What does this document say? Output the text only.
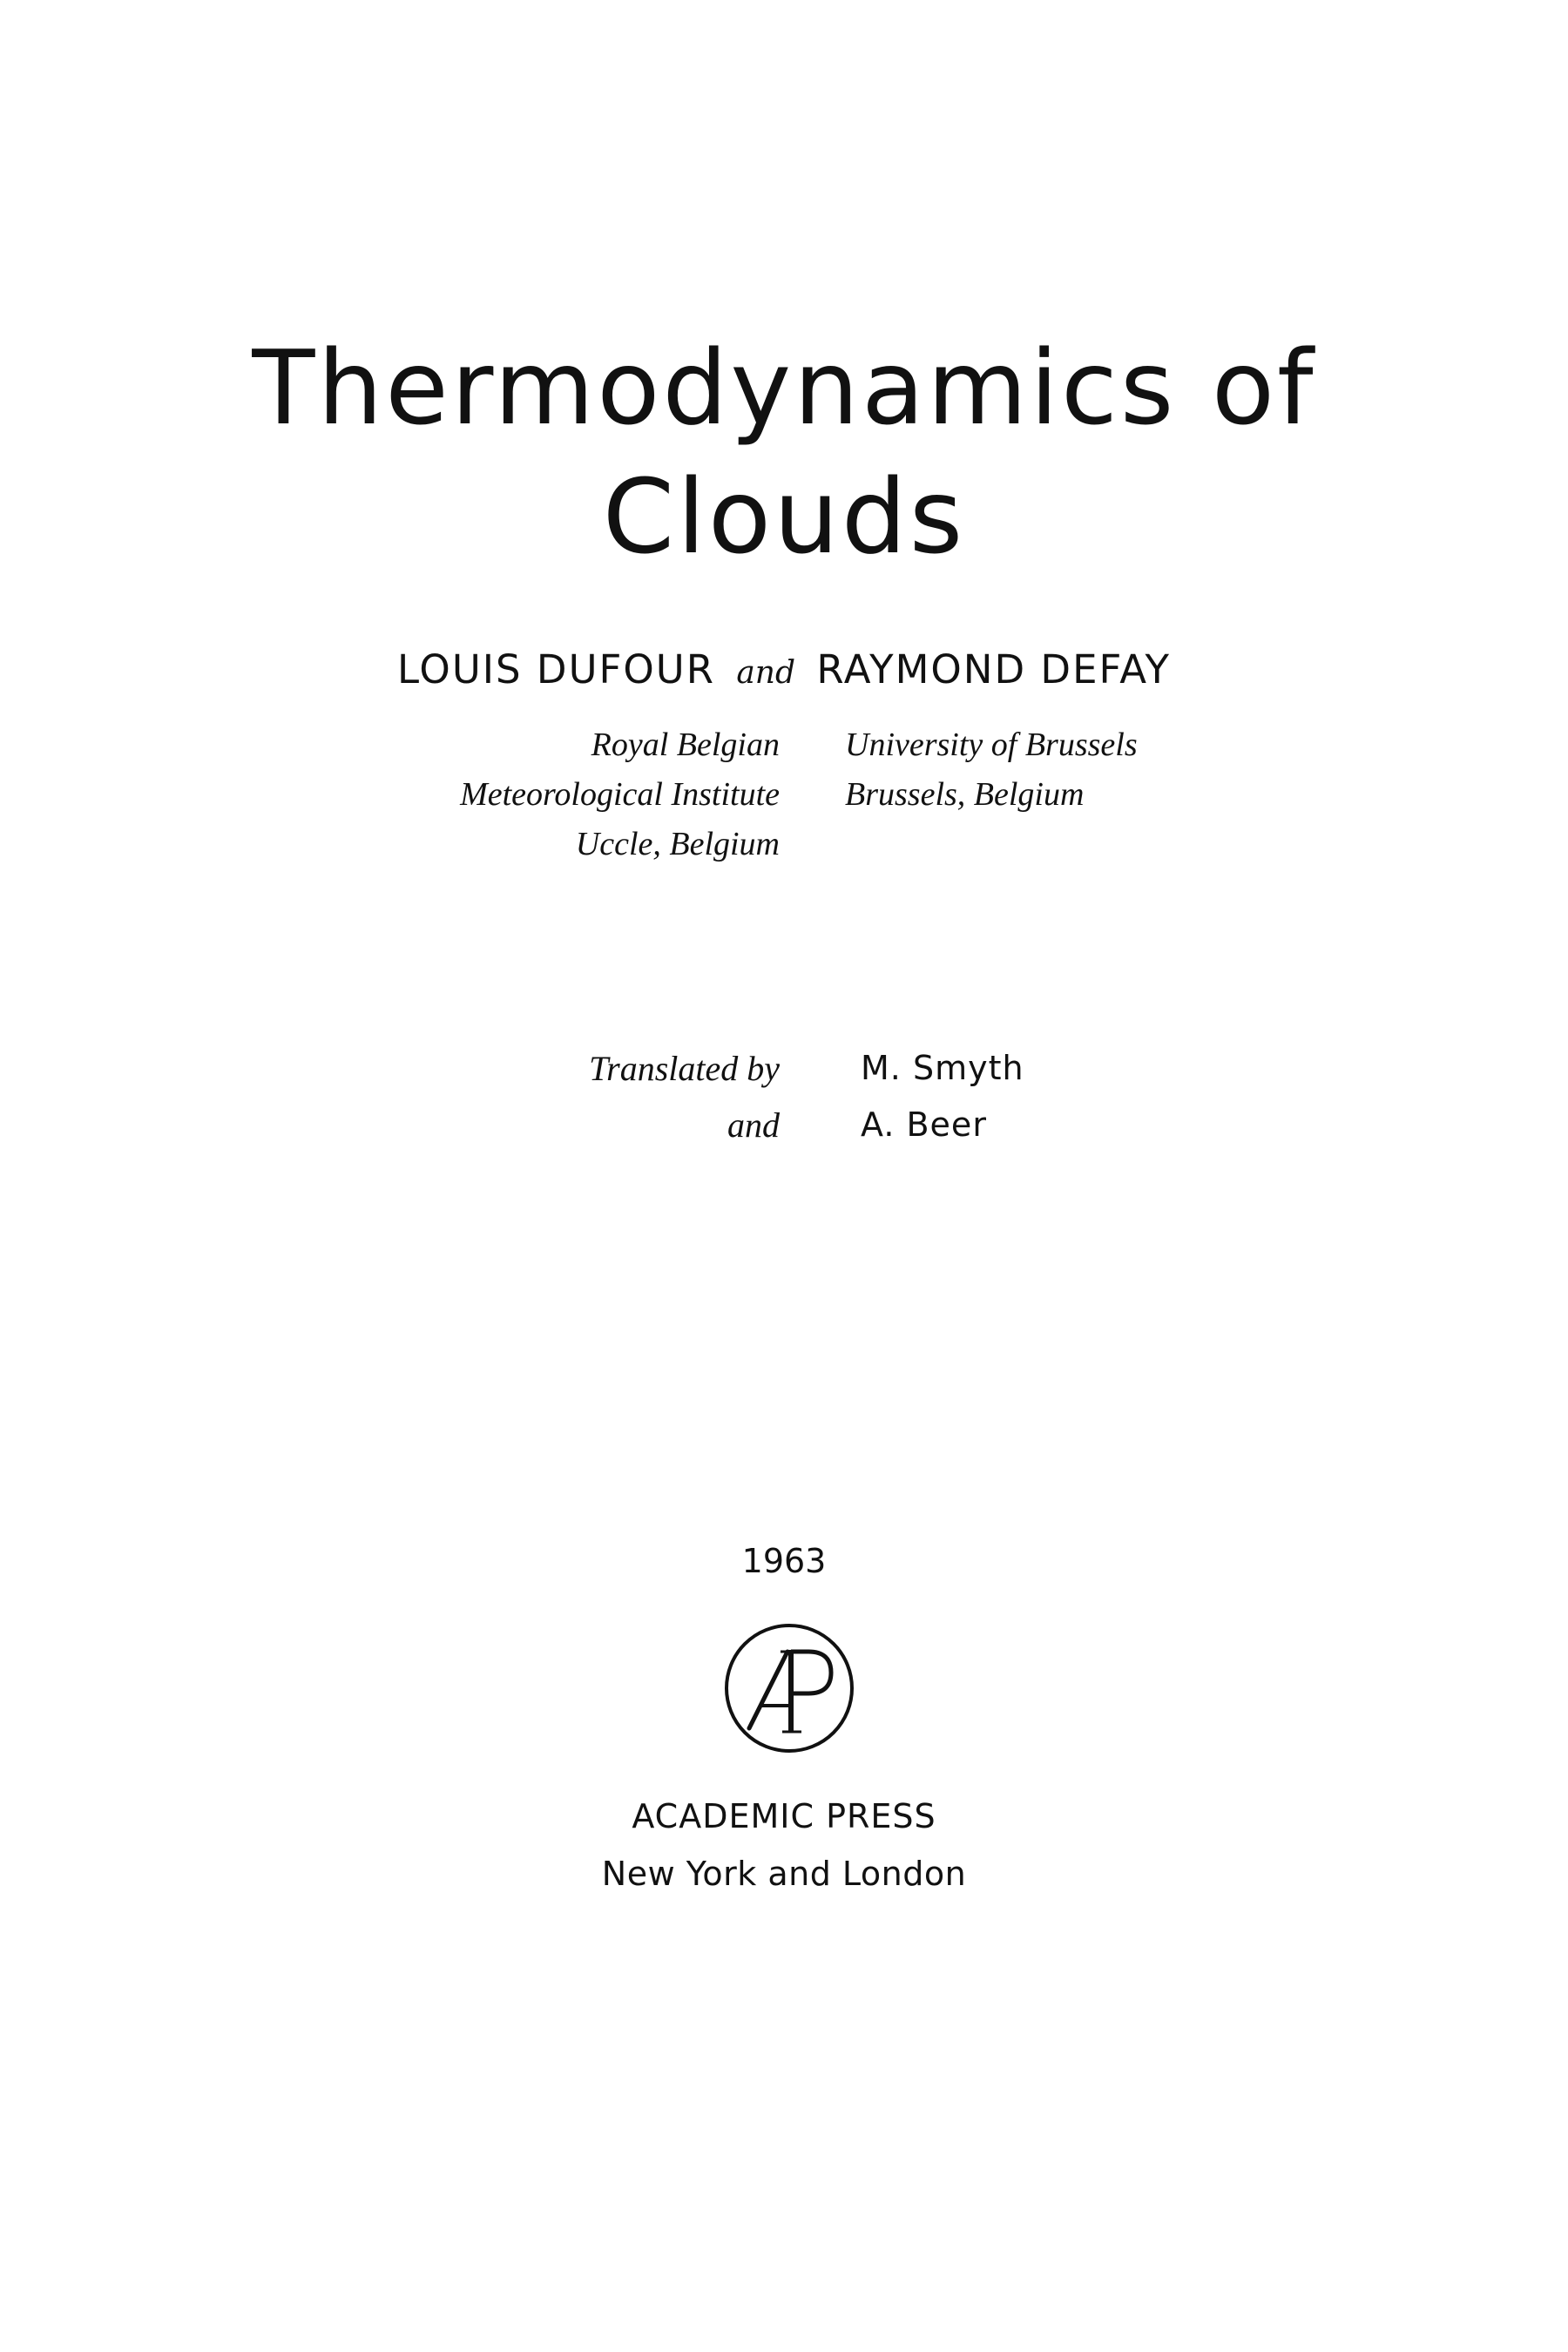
Thermodynamics of
Clouds
LOUIS DUFOUR and RAYMOND DEFAY
Royal Belgian
Meteorological Institute
Uccle, Belgium
University of Brussels
Brussels, Belgium
Translated by M. Smyth
and A. Beer
1963
ACADEMIC PRESS
New York and London
